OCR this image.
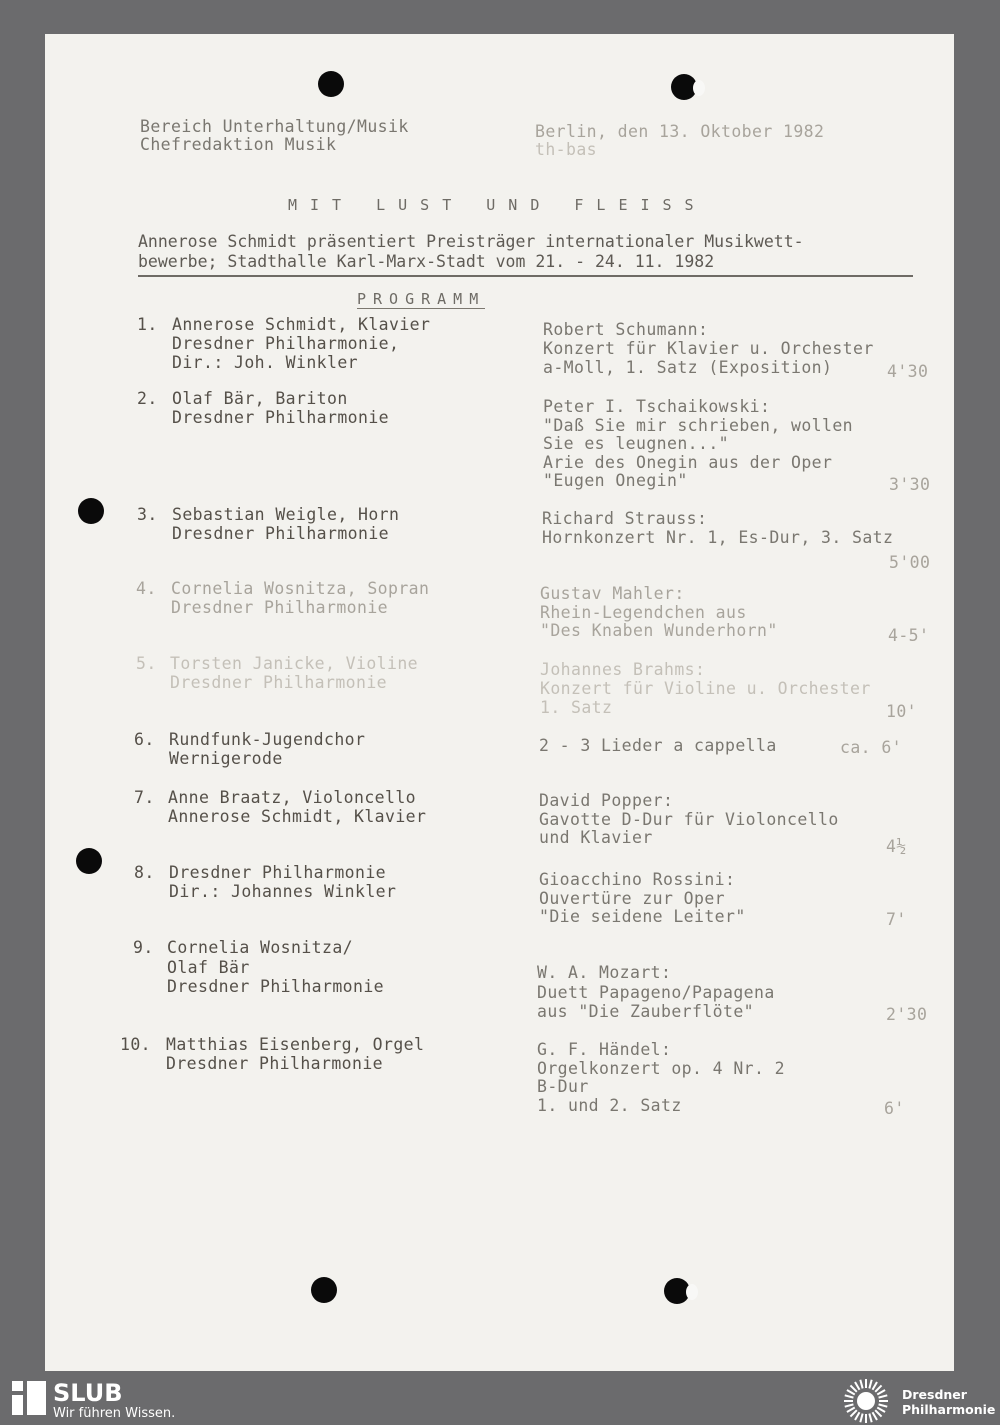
Bereich Unterhaltung/Musik
Chefredaktion Musik
Berlin, den 13. Oktober 1982
th-bas
MIT LUST UND FLEISS
Annerose Schmidt präsentiert Preisträger internationaler Musikwett-
bewerbe; Stadthalle Karl-Marx-Stadt vom 21. - 24. 11. 1982
PROGRAMM
1. Annerose Schmidt, Klavier
Dresdner Philharmonie,
Dir.: Joh. Winkler
Robert Schumann:
Konzert für Klavier u. Orchester
a-Moll, 1. Satz (Exposition)	4'30
2. Olaf Bär, Bariton
Dresdner Philharmonie
Peter I. Tschaikowski:
"Daß Sie mir schrieben, wollen
Sie es leugnen..."
Arie des Onegin aus der Oper
"Eugen Onegin"	3'30
3. Sebastian Weigle, Horn
Dresdner Philharmonie
Richard Strauss:
Hornkonzert Nr. 1, Es-Dur, 3. Satz
5'00
4. Cornelia Wosnitza, Sopran
Dresdner Philharmonie
Gustav Mahler:
Rhein-Legendchen aus
"Des Knaben Wunderhorn"	4-5'
5. Torsten Janicke, Violine
Dresdner Philharmonie
Johannes Brahms:
Konzert für Violine u. Orchester
1. Satz	10'
6. Rundfunk-Jugendchor
Wernigerode
2 - 3 Lieder a cappella	ca. 6'
7. Anne Braatz, Violoncello
Annerose Schmidt, Klavier
David Popper:
Gavotte D-Dur für Violoncello
und Klavier	4½
8. Dresdner Philharmonie
Dir.: Johannes Winkler
Gioacchino Rossini:
Ouvertüre zur Oper
"Die seidene Leiter"	7'
9. Cornelia Wosnitza/
Olaf Bär
Dresdner Philharmonie
W. A. Mozart:
Duett Papageno/Papagena
aus "Die Zauberflöte"	2'30
10. Matthias Eisenberg, Orgel
Dresdner Philharmonie
G. F. Händel:
Orgelkonzert op. 4 Nr. 2
B-Dur
1. und 2. Satz	6'
SLUB
Wir führen Wissen.
Dresdner
Philharmonie
